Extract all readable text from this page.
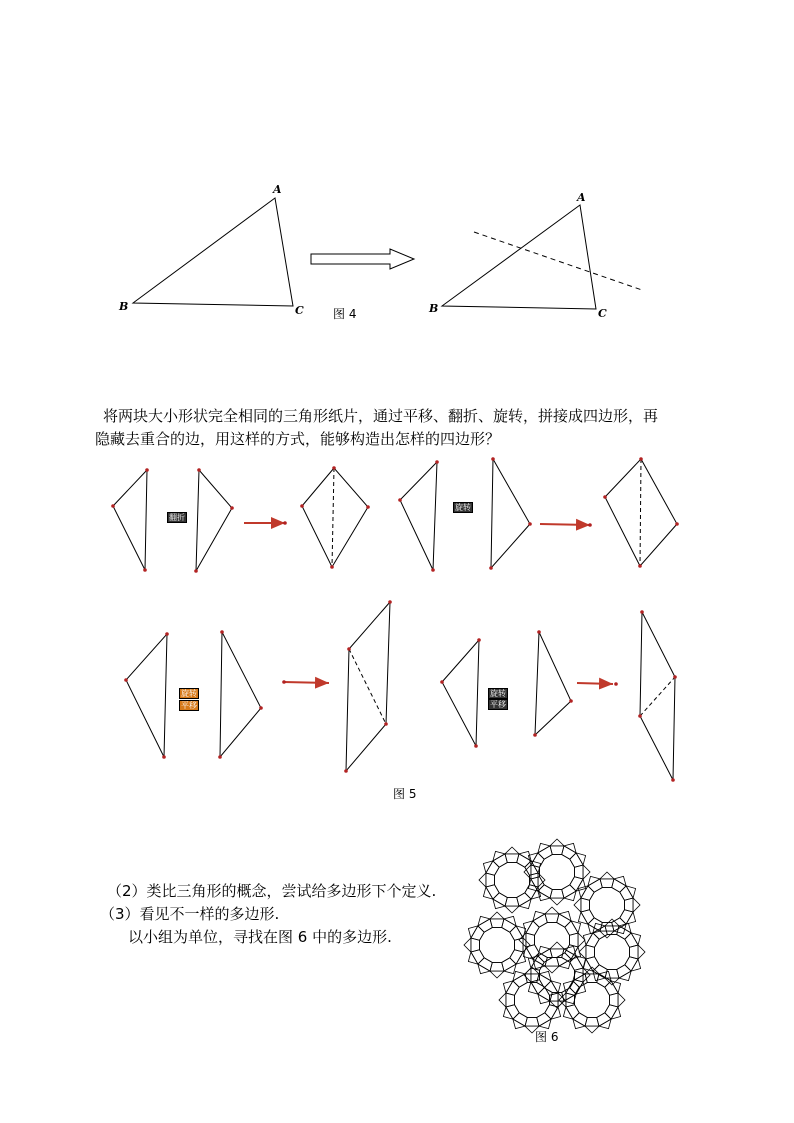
A
B	C 图 4
A
B	C
将两块大小形状完全相同的三角形纸片，通过平移、翻折、旋转，拼接成四边形，再
隐藏去重合的边，用这样的方式，能够构造出怎样的四边形？
翻折
旋转
旋转
平移
旋转
平移
图 5
（2）类比三角形的概念，尝试给多边形下个定义.
（3）看见不一样的多边形.
以小组为单位，寻找在图 6 中的多边形.
图 6
